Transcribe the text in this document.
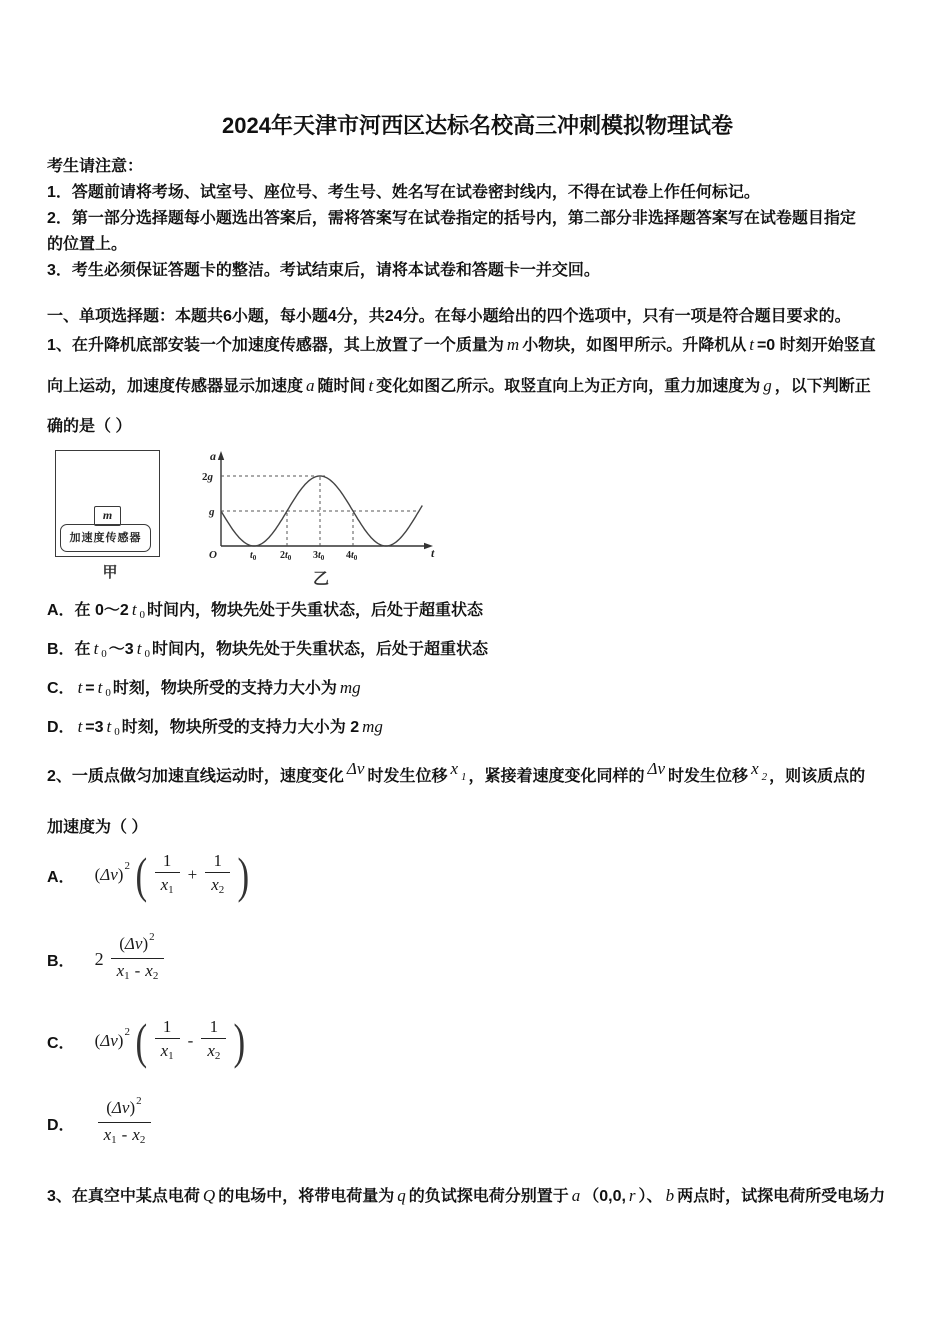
2024年天津市河西区达标名校高三冲刺模拟物理试卷
考生请注意：
1．答题前请将考场、试室号、座位号、考生号、姓名写在试卷密封线内，不得在试卷上作任何标记。
2．第一部分选择题每小题选出答案后，需将答案写在试卷指定的括号内，第二部分非选择题答案写在试卷题目指定
的位置上。
3．考生必须保证答题卡的整洁。考试结束后，请将本试卷和答题卡一并交回。
一、单项选择题：本题共6小题，每小题4分，共24分。在每小题给出的四个选项中，只有一项是符合题目要求的。
1、在升降机底部安装一个加速度传感器，其上放置了一个质量为 m 小物块，如图甲所示。升降机从 t =0 时刻开始竖直
向上运动，加速度传感器显示加速度 a 随时间 t 变化如图乙所示。取竖直向上为正方向，重力加速度为 g ，以下判断正
确的是（ ）
m
加速度传感器
甲
a
2g
g
O	$t_0$ $2t_0$ $3t_0$ $4t_0$	t
乙
A．在 0～2 t $_0$ 时间内，物块先处于失重状态，后处于超重状态
B．在 t $_0$ ～3 t $_0$ 时间内，物块先处于失重状态，后处于超重状态
C． t = t $_0$ 时刻，物块所受的支持力大小为 mg
D． t =3 t $_0$ 时刻，物块所受的支持力大小为 2 mg
2、一质点做匀加速直线运动时，速度变化 Δv 时发生位移 x 1 ，紧接着速度变化同样的 Δv 时发生位移 x 2 ，则该质点的
加速度为（ ）
A． ( Δv ) 2 ( $\frac{1}{x_1} + \frac{1}{x_2}$ )
B． $2 \frac{(\Delta v)^2}{x_1 - x_2}$
C． ( Δv ) 2 ( $\frac{1}{x_1} - \frac{1}{x_2}$ )
D． $\frac{(\Delta v)^2}{x_1 - x_2}$
3、在真空中某点电荷 Q 的电场中，将带电荷量为 q 的负试探电荷分别置于 a （0,0, r ）、 b 两点时，试探电荷所受电场力
